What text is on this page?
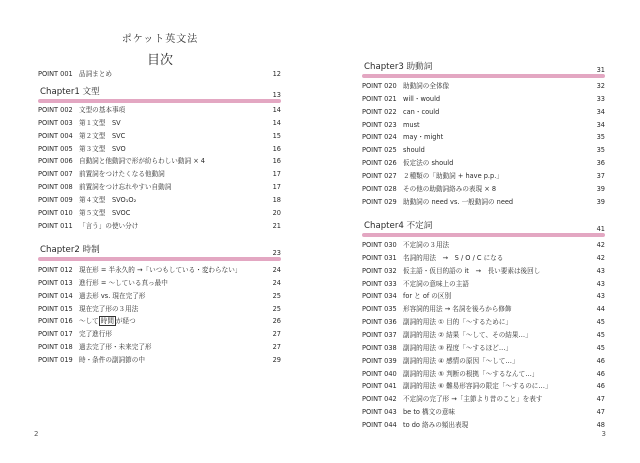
ポケット英文法
目次
POINT 001 品詞まとめ	12
Chapter1 文型	13
POINT 002 文型の基本事項	14
POINT 003 第１文型　SV	14
POINT 004 第２文型　SVC	15
POINT 005 第３文型　SVO	16
POINT 006 自動詞と他動詞で形が紛らわしい動詞 × 4	16
POINT 007 前置詞をつけたくなる他動詞	17
POINT 008 前置詞をつけ忘れやすい自動詞	17
POINT 009 第４文型　SVO₁O₂	18
POINT 010 第５文型　SVOC	20
POINT 011 「言う」の使い分け	21
Chapter2 時制	23
POINT 012 現在形 = 半永久的 →「いつもしている・変わらない」	24
POINT 013 進行形 = 〜している真っ最中	24
POINT 014 過去形 vs. 現在完了形	25
POINT 015 現在完了形の３用法	25
POINT 016 〜して 時間 が経つ	26
POINT 017 完了進行形	27
POINT 018 過去完了形・未来完了形	27
POINT 019 時・条件の副詞節の中	29
2
Chapter3 助動詞	31
POINT 020 助動詞の全体像	32
POINT 021 will・would	33
POINT 022 can・could	34
POINT 023 must	34
POINT 024 may・might	35
POINT 025 should	35
POINT 026 仮定法の should	36
POINT 027 ２種類の「助動詞 + have p.p.」	37
POINT 028 その他の助動詞絡みの表現 × 8	39
POINT 029 助動詞の need vs. 一般動詞の need	39
Chapter4 不定詞	41
POINT 030 不定詞の３用法	42
POINT 031 名詞的用法　→　S / O / C になる	42
POINT 032 仮主語・仮目的語の it　→　長い要素は後回し	43
POINT 033 不定詞の意味上の主語	43
POINT 034 for と of の区別	43
POINT 035 形容詞的用法 → 名詞を後ろから修飾	44
POINT 036 副詞的用法 ① 目的「〜するために」	45
POINT 037 副詞的用法 ② 結果「〜して、その結果…」	45
POINT 038 副詞的用法 ③ 程度「〜するほど…」	45
POINT 039 副詞的用法 ④ 感情の原因「〜して…」	46
POINT 040 副詞的用法 ⑤ 判断の根拠「〜するなんて…」	46
POINT 041 副詞的用法 ⑥ 難易形容詞の限定「〜するのに…」	46
POINT 042 不定詞の完了形 →「主節より昔のこと」を表す	47
POINT 043 be to 構文の意味	47
POINT 044 to do 絡みの頻出表現	48
3
